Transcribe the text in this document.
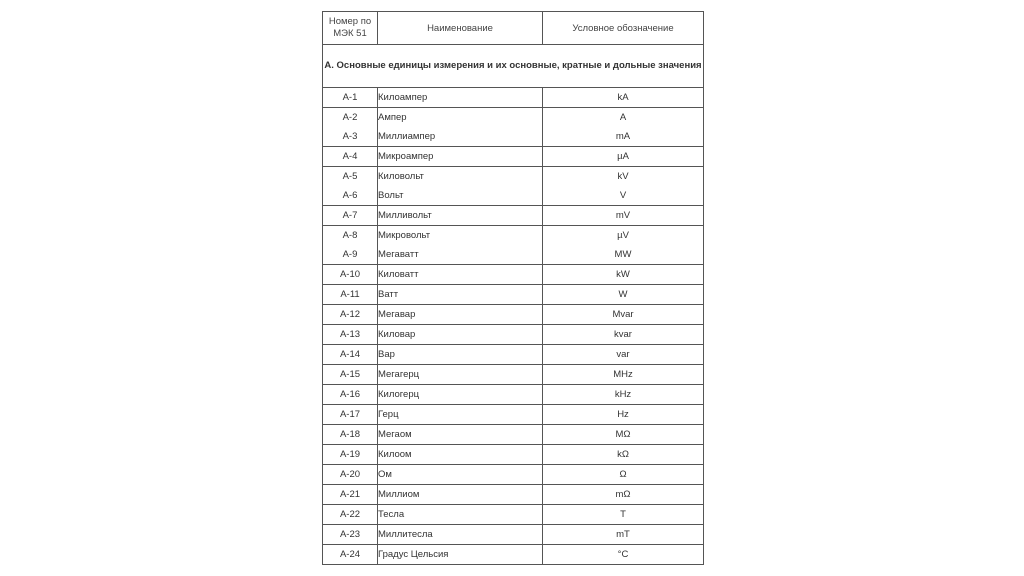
Номер по
МЭК 51	Наименование	Условное обозначение
А. Основные единицы измерения и их основные, кратные и дольные значения		
А-1	Килоампер	kA
А-2	Ампер	A
А-3	Миллиампер	mA
А-4	Микроампер	µA
А-5	Киловольт	kV
А-6	Вольт	V
А-7	Милливольт	mV
А-8	Микровольт	µV
А-9	Мегаватт	MW
А-10	Киловатт	kW
А-11	Ватт	W
А-12	Мегавар	Mvar
А-13	Киловар	kvar
А-14	Вар	var
А-15	Мегагерц	MHz
А-16	Килогерц	kHz
А-17	Герц	Hz
А-18	Мегаом	MΩ
А-19	Килоом	kΩ
А-20	Ом	Ω
А-21	Миллиом	mΩ
А-22	Тесла	T
А-23	Миллитесла	mT
А-24	Градус Цельсия	°C
